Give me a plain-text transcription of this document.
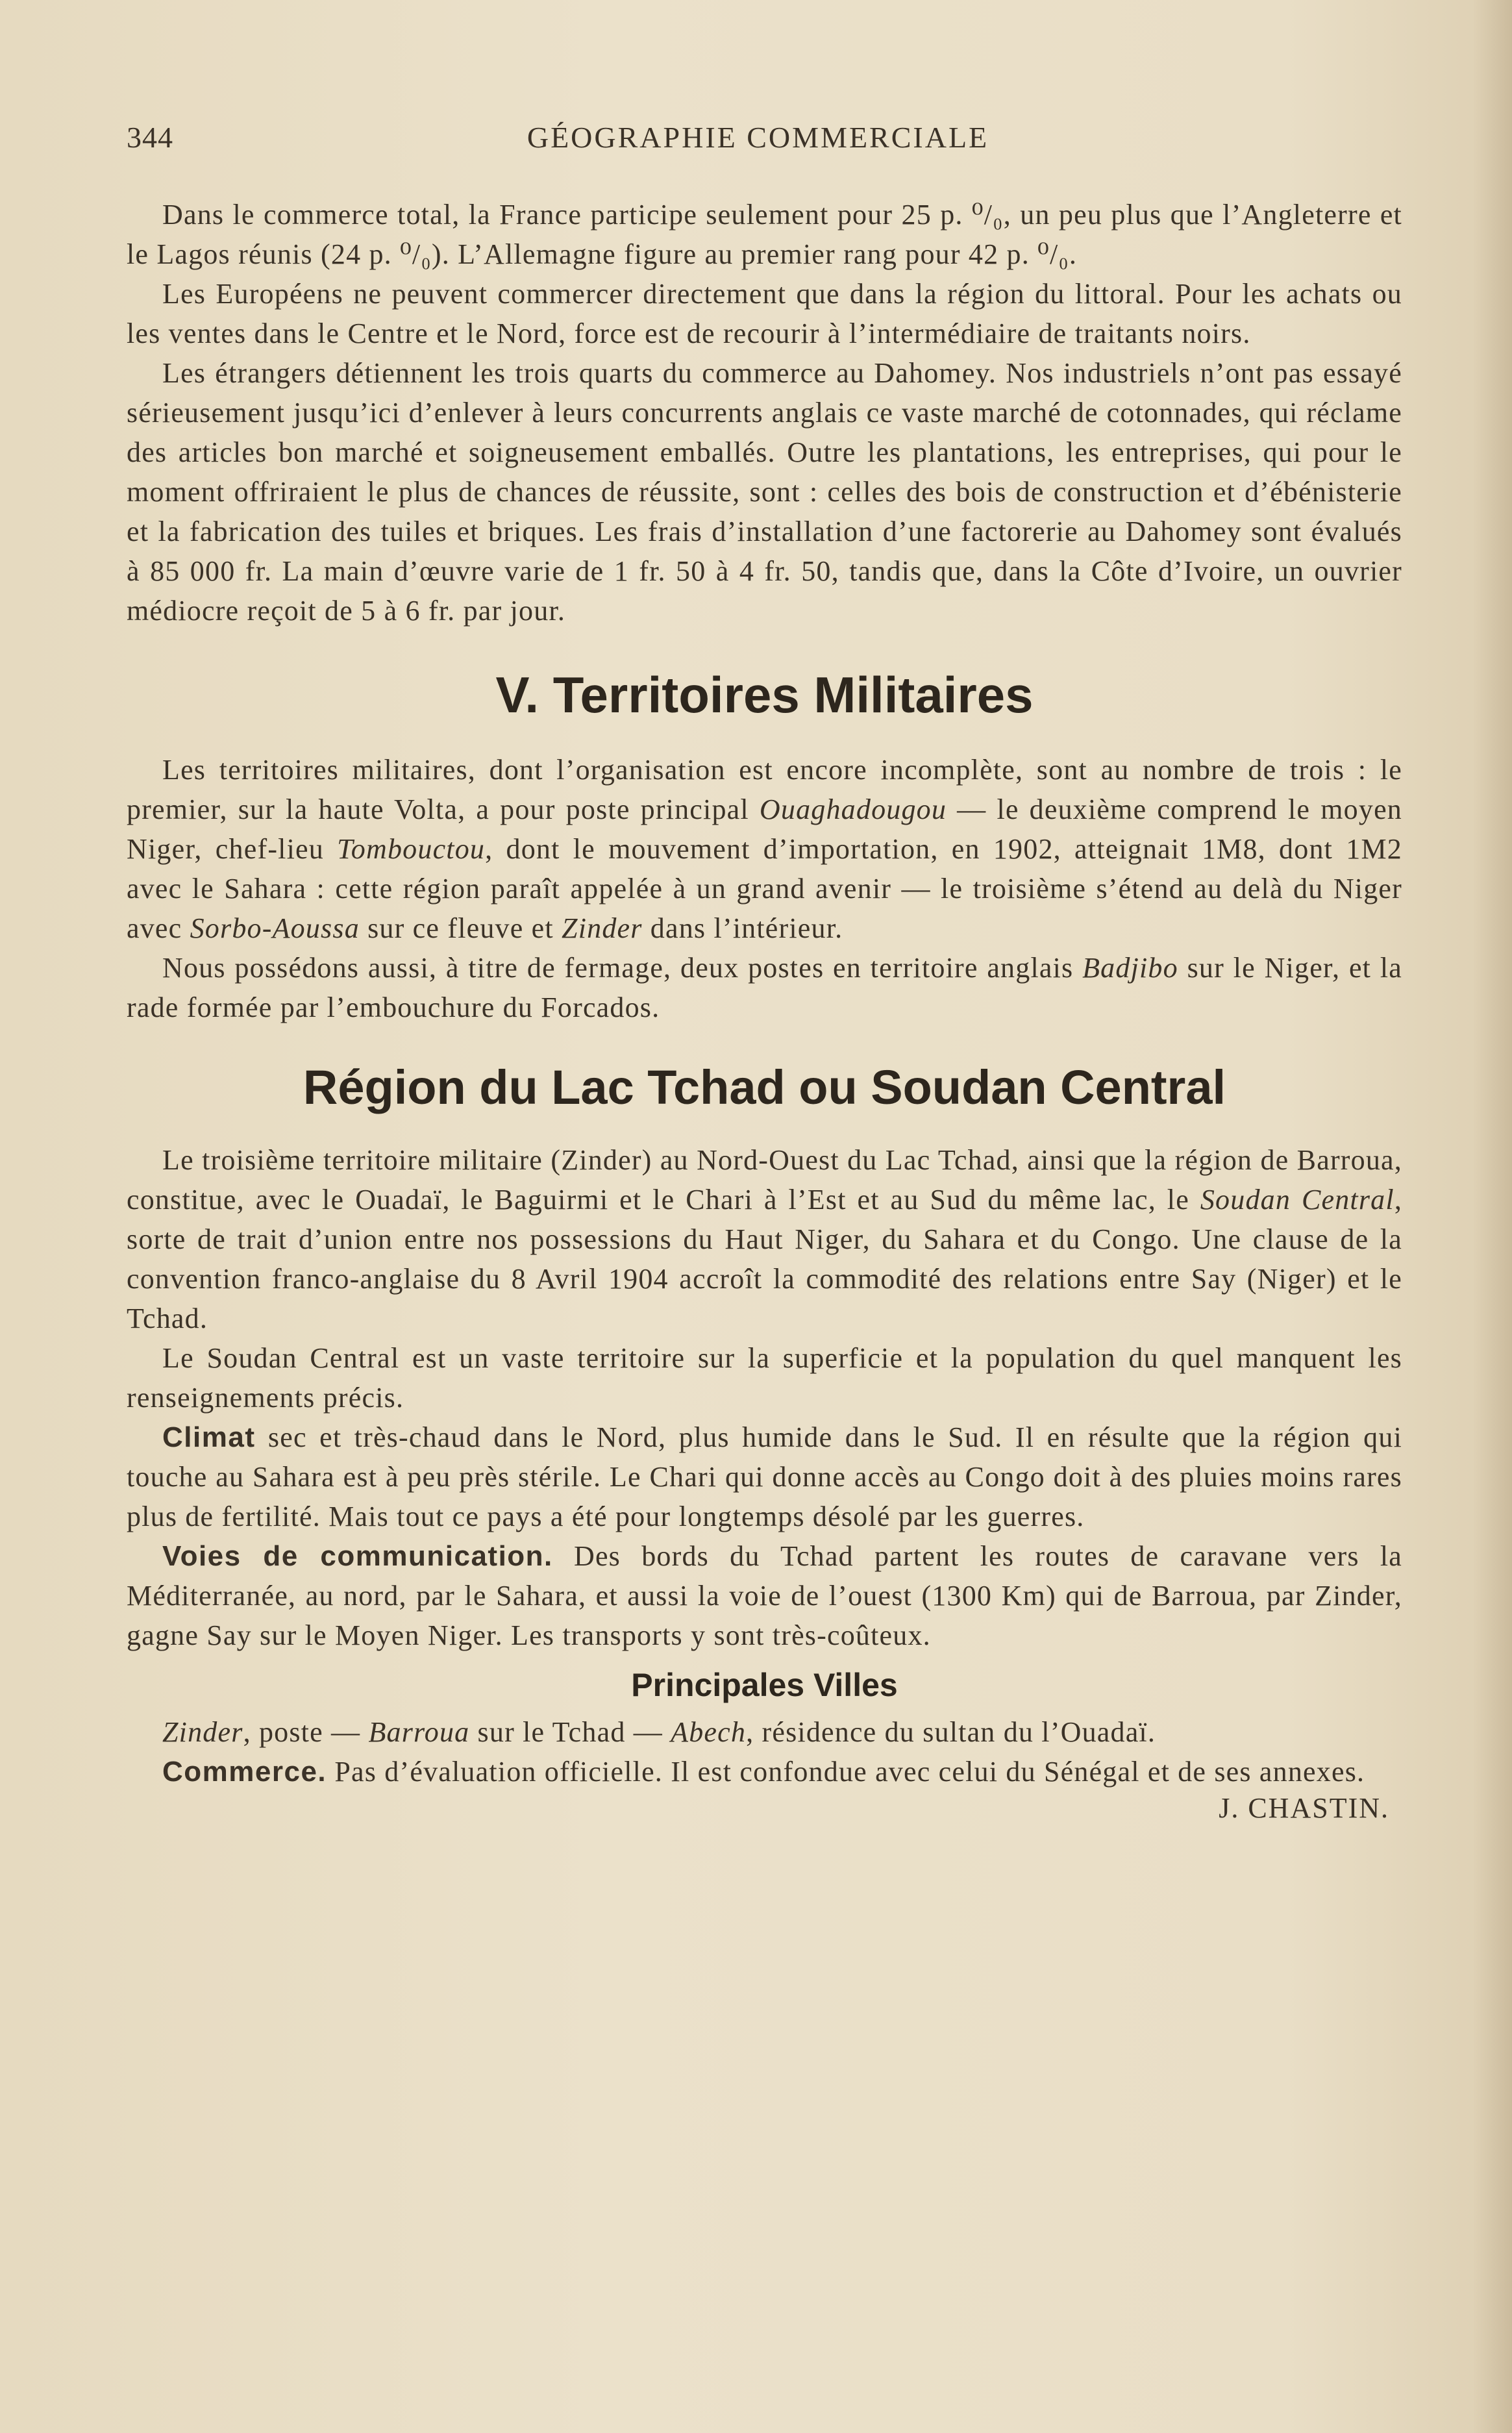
344	GÉOGRAPHIE COMMERCIALE

Dans le commerce total, la France participe seulement pour 25 p. ⁰/₀, un peu plus que l’Angleterre et le Lagos réunis (24 p. ⁰/₀). L’Allemagne figure au premier rang pour 42 p. ⁰/₀.

Les Européens ne peuvent commercer directement que dans la région du littoral. Pour les achats ou les ventes dans le Centre et le Nord, force est de recourir à l’intermédiaire de traitants noirs.

Les étrangers détiennent les trois quarts du commerce au Dahomey. Nos industriels n’ont pas essayé sérieusement jusqu’ici d’enlever à leurs concurrents anglais ce vaste marché de cotonnades, qui réclame des articles bon marché et soigneusement emballés. Outre les plantations, les entreprises, qui pour le moment offriraient le plus de chances de réussite, sont : celles des bois de construction et d’ébénisterie et la fabrication des tuiles et briques. Les frais d’installation d’une factorerie au Dahomey sont évalués à 85 000 fr. La main d’œuvre varie de 1 fr. 50 à 4 fr. 50, tandis que, dans la Côte d’Ivoire, un ouvrier médiocre reçoit de 5 à 6 fr. par jour.

V. Territoires Militaires

Les territoires militaires, dont l’organisation est encore incomplète, sont au nombre de trois : le premier, sur la haute Volta, a pour poste principal Ouaghadougou — le deuxième comprend le moyen Niger, chef-lieu Tombouctou, dont le mouvement d’importation, en 1902, atteignait 1M8, dont 1M2 avec le Sahara : cette région paraît appelée à un grand avenir — le troisième s’étend au delà du Niger avec Sorbo-Aoussa sur ce fleuve et Zinder dans l’intérieur.

Nous possédons aussi, à titre de fermage, deux postes en territoire anglais Badjibo sur le Niger, et la rade formée par l’embouchure du Forcados.

Région du Lac Tchad ou Soudan Central

Le troisième territoire militaire (Zinder) au Nord-Ouest du Lac Tchad, ainsi que la région de Barroua, constitue, avec le Ouadaï, le Baguirmi et le Chari à l’Est et au Sud du même lac, le Soudan Central, sorte de trait d’union entre nos possessions du Haut Niger, du Sahara et du Congo. Une clause de la convention franco-anglaise du 8 Avril 1904 accroît la commodité des relations entre Say (Niger) et le Tchad.

Le Soudan Central est un vaste territoire sur la superficie et la population du quel manquent les renseignements précis.

Climat sec et très-chaud dans le Nord, plus humide dans le Sud. Il en résulte que la région qui touche au Sahara est à peu près stérile. Le Chari qui donne accès au Congo doit à des pluies moins rares plus de fertilité. Mais tout ce pays a été pour longtemps désolé par les guerres.

Voies de communication. Des bords du Tchad partent les routes de caravane vers la Méditerranée, au nord, par le Sahara, et aussi la voie de l’ouest (1300 Km) qui de Barroua, par Zinder, gagne Say sur le Moyen Niger. Les transports y sont très-coûteux.

Principales Villes

Zinder, poste — Barroua sur le Tchad — Abech, résidence du sultan du l’Ouadaï.

Commerce. Pas d’évaluation officielle. Il est confondue avec celui du Sénégal et de ses annexes.

J. CHASTIN.
